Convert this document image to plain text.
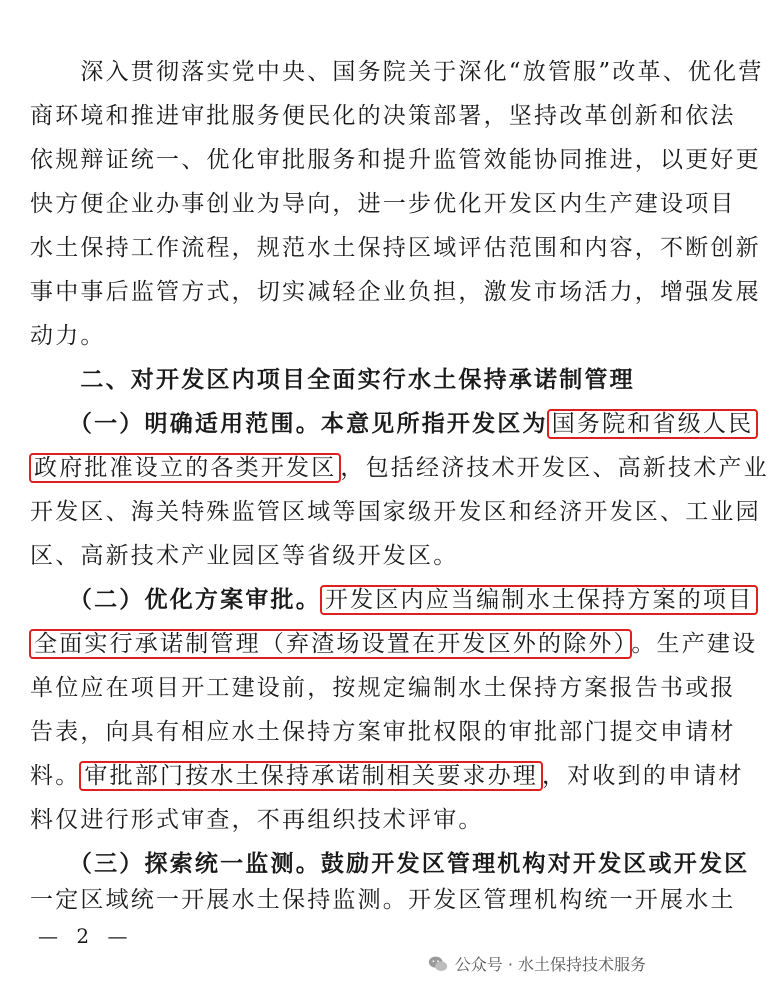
　　深入贯彻落实党中央、国务院关于深化“放管服”改革、优化营
商环境和推进审批服务便民化的决策部署，坚持改革创新和依法
依规辩证统一、优化审批服务和提升监管效能协同推进，以更好更
快方便企业办事创业为导向，进一步优化开发区内生产建设项目
水土保持工作流程，规范水土保持区域评估范围和内容，不断创新
事中事后监管方式，切实减轻企业负担，激发市场活力，增强发展
动力。
　　二、对开发区内项目全面实行水土保持承诺制管理
　　（一）明确适用范围。本意见所指开发区为 国务院和省级人民
政府批准设立的各类开发区 ，包括经济技术开发区、高新技术产业
开发区、海关特殊监管区域等国家级开发区和经济开发区、工业园
区、高新技术产业园区等省级开发区。
　　（二）优化方案审批。 开发区内应当编制水土保持方案的项目
全面实行承诺制管理（弃渣场设置在开发区外的除外） 。生产建设
单位应在项目开工建设前，按规定编制水土保持方案报告书或报
告表，向具有相应水土保持方案审批权限的审批部门提交申请材
料。 审批部门按水土保持承诺制相关要求办理 ，对收到的申请材
料仅进行形式审查，不再组织技术评审。
　　（三）探索统一监测。鼓励开发区管理机构对开发区或开发区
一定区域统一开展水土保持监测。开发区管理机构统一开展水土
— 2 —
公众号 · 水土保持技术服务
